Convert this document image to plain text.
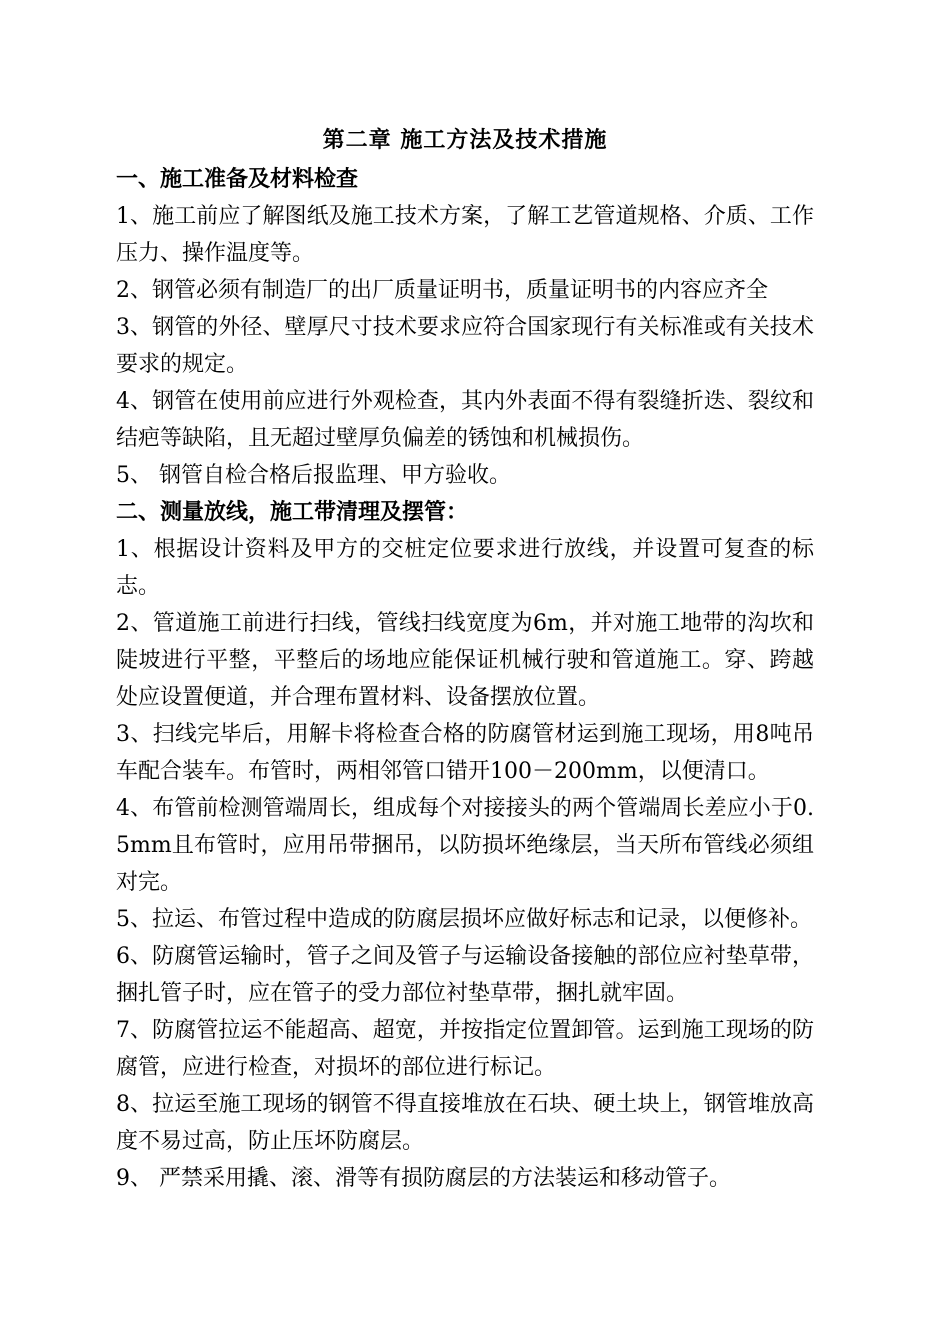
第二章 施工方法及技术措施
一、施工准备及材料检查

1、施工前应了解图纸及施工技术方案，了解工艺管道规格、介质、工作压力、操作温度等。

2、钢管必须有制造厂的出厂质量证明书，质量证明书的内容应齐全

3、钢管的外径、壁厚尺寸技术要求应符合国家现行有关标准或有关技术要求的规定。

4、钢管在使用前应进行外观检查，其内外表面不得有裂缝折迭、裂纹和结疤等缺陷，且无超过壁厚负偏差的锈蚀和机械损伤。

5、 钢管自检合格后报监理、甲方验收。

二、测量放线，施工带清理及摆管：

1、根据设计资料及甲方的交桩定位要求进行放线，并设置可复查的标志。

2、管道施工前进行扫线，管线扫线宽度为6m，并对施工地带的沟坎和陡坡进行平整，平整后的场地应能保证机械行驶和管道施工。穿、跨越处应设置便道，并合理布置材料、设备摆放位置。

3、扫线完毕后，用解卡将检查合格的防腐管材运到施工现场，用8吨吊车配合装车。布管时，两相邻管口错开100－200mm，以便清口。

4、布管前检测管端周长，组成每个对接接头的两个管端周长差应小于0.5mm且布管时，应用吊带捆吊，以防损坏绝缘层，当天所布管线必须组对完。

5、拉运、布管过程中造成的防腐层损坏应做好标志和记录，以便修补。

6、防腐管运输时，管子之间及管子与运输设备接触的部位应衬垫草带，捆扎管子时，应在管子的受力部位衬垫草带，捆扎就牢固。

7、防腐管拉运不能超高、超宽，并按指定位置卸管。运到施工现场的防腐管，应进行检查，对损坏的部位进行标记。

8、拉运至施工现场的钢管不得直接堆放在石块、硬土块上，钢管堆放高度不易过高，防止压坏防腐层。

9、 严禁采用撬、滚、滑等有损防腐层的方法装运和移动管子。
